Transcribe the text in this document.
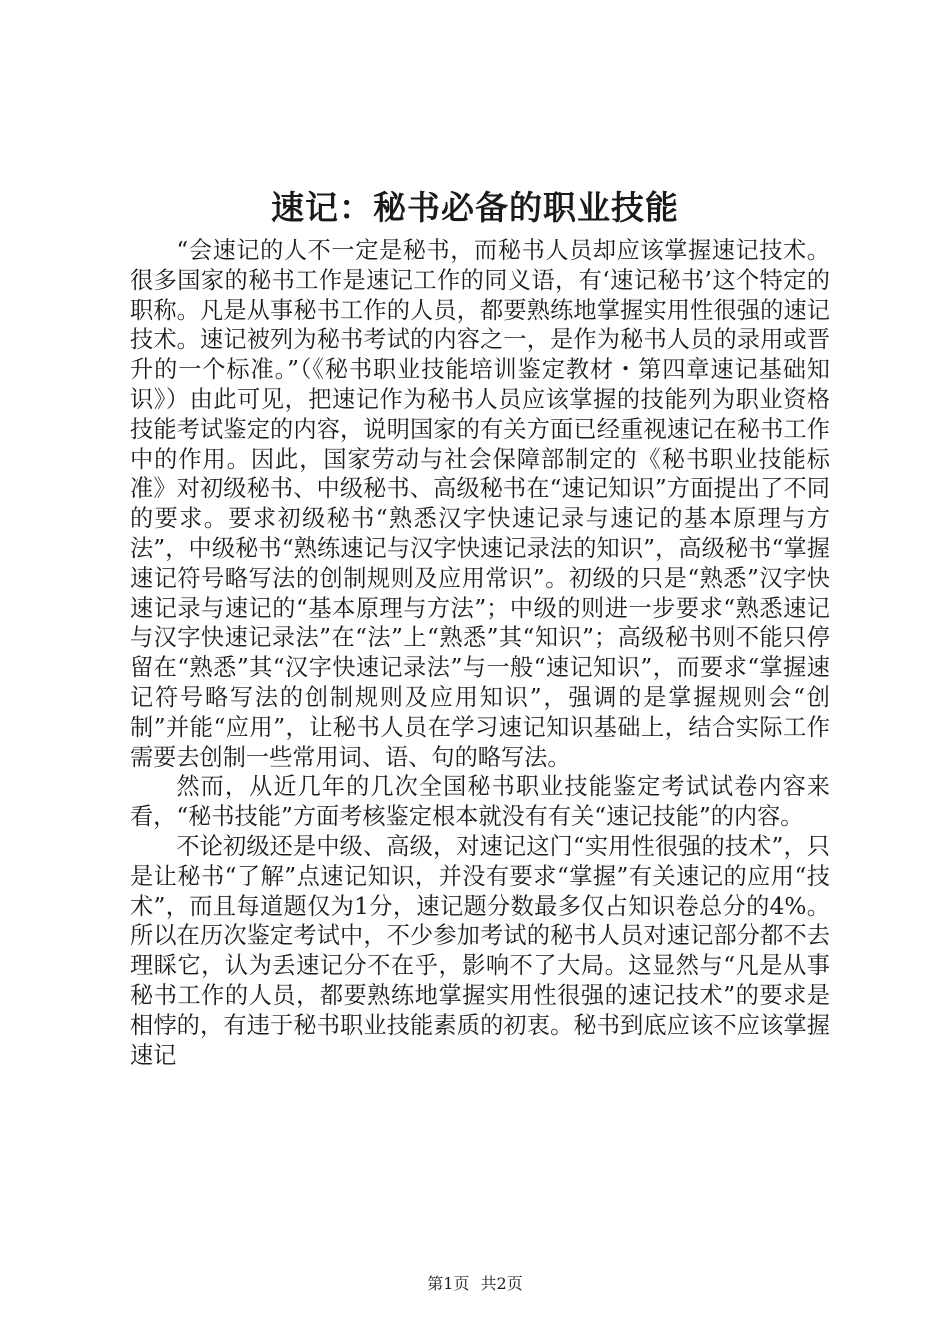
速记：秘书必备的职业技能

“会速记的人不一定是秘书，而秘书人员却应该掌握速记技术。很多国家的秘书工作是速记工作的同义语，有‘速记秘书’这个特定的职称。凡是从事秘书工作的人员，都要熟练地掌握实用性很强的速记技术。速记被列为秘书考试的内容之一，是作为秘书人员的录用或晋升的一个标准。”（《秘书职业技能培训鉴定教材・第四章速记基础知识》）由此可见，把速记作为秘书人员应该掌握的技能列为职业资格技能考试鉴定的内容，说明国家的有关方面已经重视速记在秘书工作中的作用。因此，国家劳动与社会保障部制定的《秘书职业技能标准》对初级秘书、中级秘书、高级秘书在“速记知识”方面提出了不同的要求。要求初级秘书“熟悉汉字快速记录与速记的基本原理与方法”，中级秘书“熟练速记与汉字快速记录法的知识”，高级秘书“掌握速记符号略写法的创制规则及应用常识”。初级的只是“熟悉”汉字快速记录与速记的“基本原理与方法”；中级的则进一步要求“熟悉速记与汉字快速记录法”在“法”上“熟悉”其“知识”；高级秘书则不能只停留在“熟悉”其“汉字快速记录法”与一般“速记知识”，而要求“掌握速记符号略写法的创制规则及应用知识”，强调的是掌握规则会“创制”并能“应用”，让秘书人员在学习速记知识基础上，结合实际工作需要去创制一些常用词、语、句的略写法。

然而，从近几年的几次全国秘书职业技能鉴定考试试卷内容来看，“秘书技能”方面考核鉴定根本就没有有关“速记技能”的内容。

不论初级还是中级、高级，对速记这门“实用性很强的技术”，只是让秘书“了解”点速记知识，并没有要求“掌握”有关速记的应用“技术”，而且每道题仅为1分，速记题分数最多仅占知识卷总分的4%。所以在历次鉴定考试中，不少参加考试的秘书人员对速记部分都不去理睬它，认为丢速记分不在乎，影响不了大局。这显然与“凡是从事秘书工作的人员，都要熟练地掌握实用性很强的速记技术”的要求是相悖的，有违于秘书职业技能素质的初衷。秘书到底应该不应该掌握速记

第1页 共2页
